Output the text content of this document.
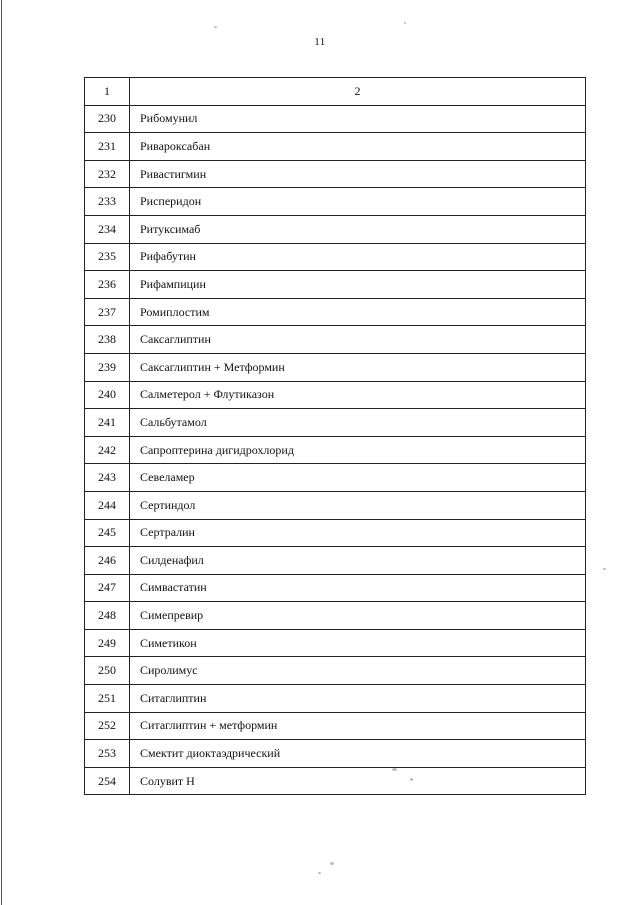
11
1	2
230	Рибомунил
231	Ривароксабан
232	Ривастигмин
233	Рисперидон
234	Ритуксимаб
235	Рифабутин
236	Рифампицин
237	Ромиплостим
238	Саксаглиптин
239	Саксаглиптин + Метформин
240	Салметерол + Флутиказон
241	Сальбутамол
242	Сапроптерина дигидрохлорид
243	Севеламер
244	Сертиндол
245	Сертралин
246	Силденафил
247	Симвастатин
248	Симепревир
249	Симетикон
250	Сиролимус
251	Ситаглиптин
252	Ситаглиптин + метформин
253	Смектит диоктаэдрический
254	Солувит Н
